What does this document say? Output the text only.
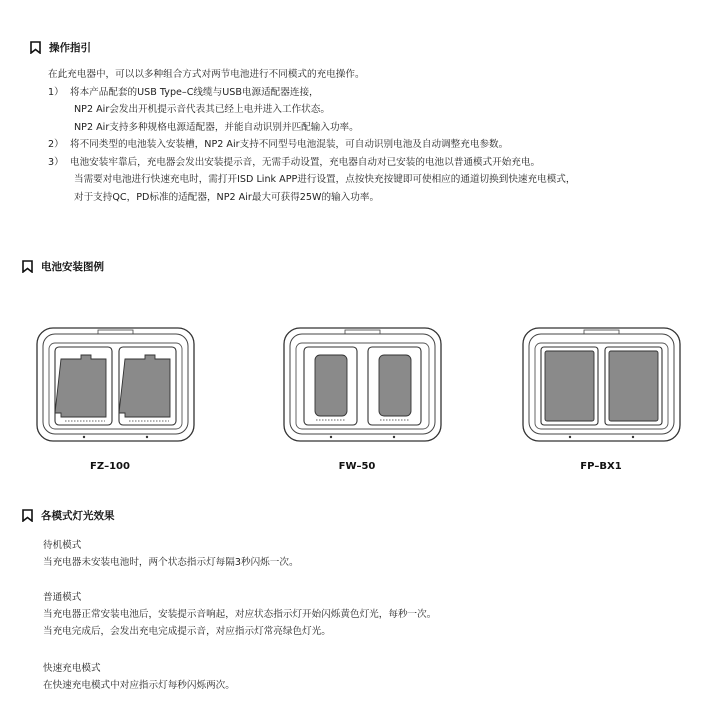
操作指引

在此充电器中，可以以多种组合方式对两节电池进行不同模式的充电操作。

1） 将本产品配套的USB Type–C线缆与USB电源适配器连接，

NP2 Air会发出开机提示音代表其已经上电并进入工作状态。

NP2 Air支持多种规格电源适配器，并能自动识别并匹配输入功率。

2） 将不同类型的电池装入安装槽，NP2 Air支持不同型号电池混装，可自动识别电池及自动调整充电参数。

3） 电池安装牢靠后，充电器会发出安装提示音，无需手动设置，充电器自动对已安装的电池以普通模式开始充电。

当需要对电池进行快速充电时，需打开ISD Link APP进行设置，点按快充按键即可使相应的通道切换到快速充电模式，

对于支持QC，PD标准的适配器，NP2 Air最大可获得25W的输入功率。

电池安装图例
FZ–100	FW–50	FP–BX1
各模式灯光效果

待机模式

当充电器未安装电池时，两个状态指示灯每隔3秒闪烁一次。

普通模式

当充电器正常安装电池后，安装提示音响起，对应状态指示灯开始闪烁黄色灯光，每秒一次。

当充电完成后，会发出充电完成提示音，对应指示灯常亮绿色灯光。

快速充电模式

在快速充电模式中对应指示灯每秒闪烁两次。
